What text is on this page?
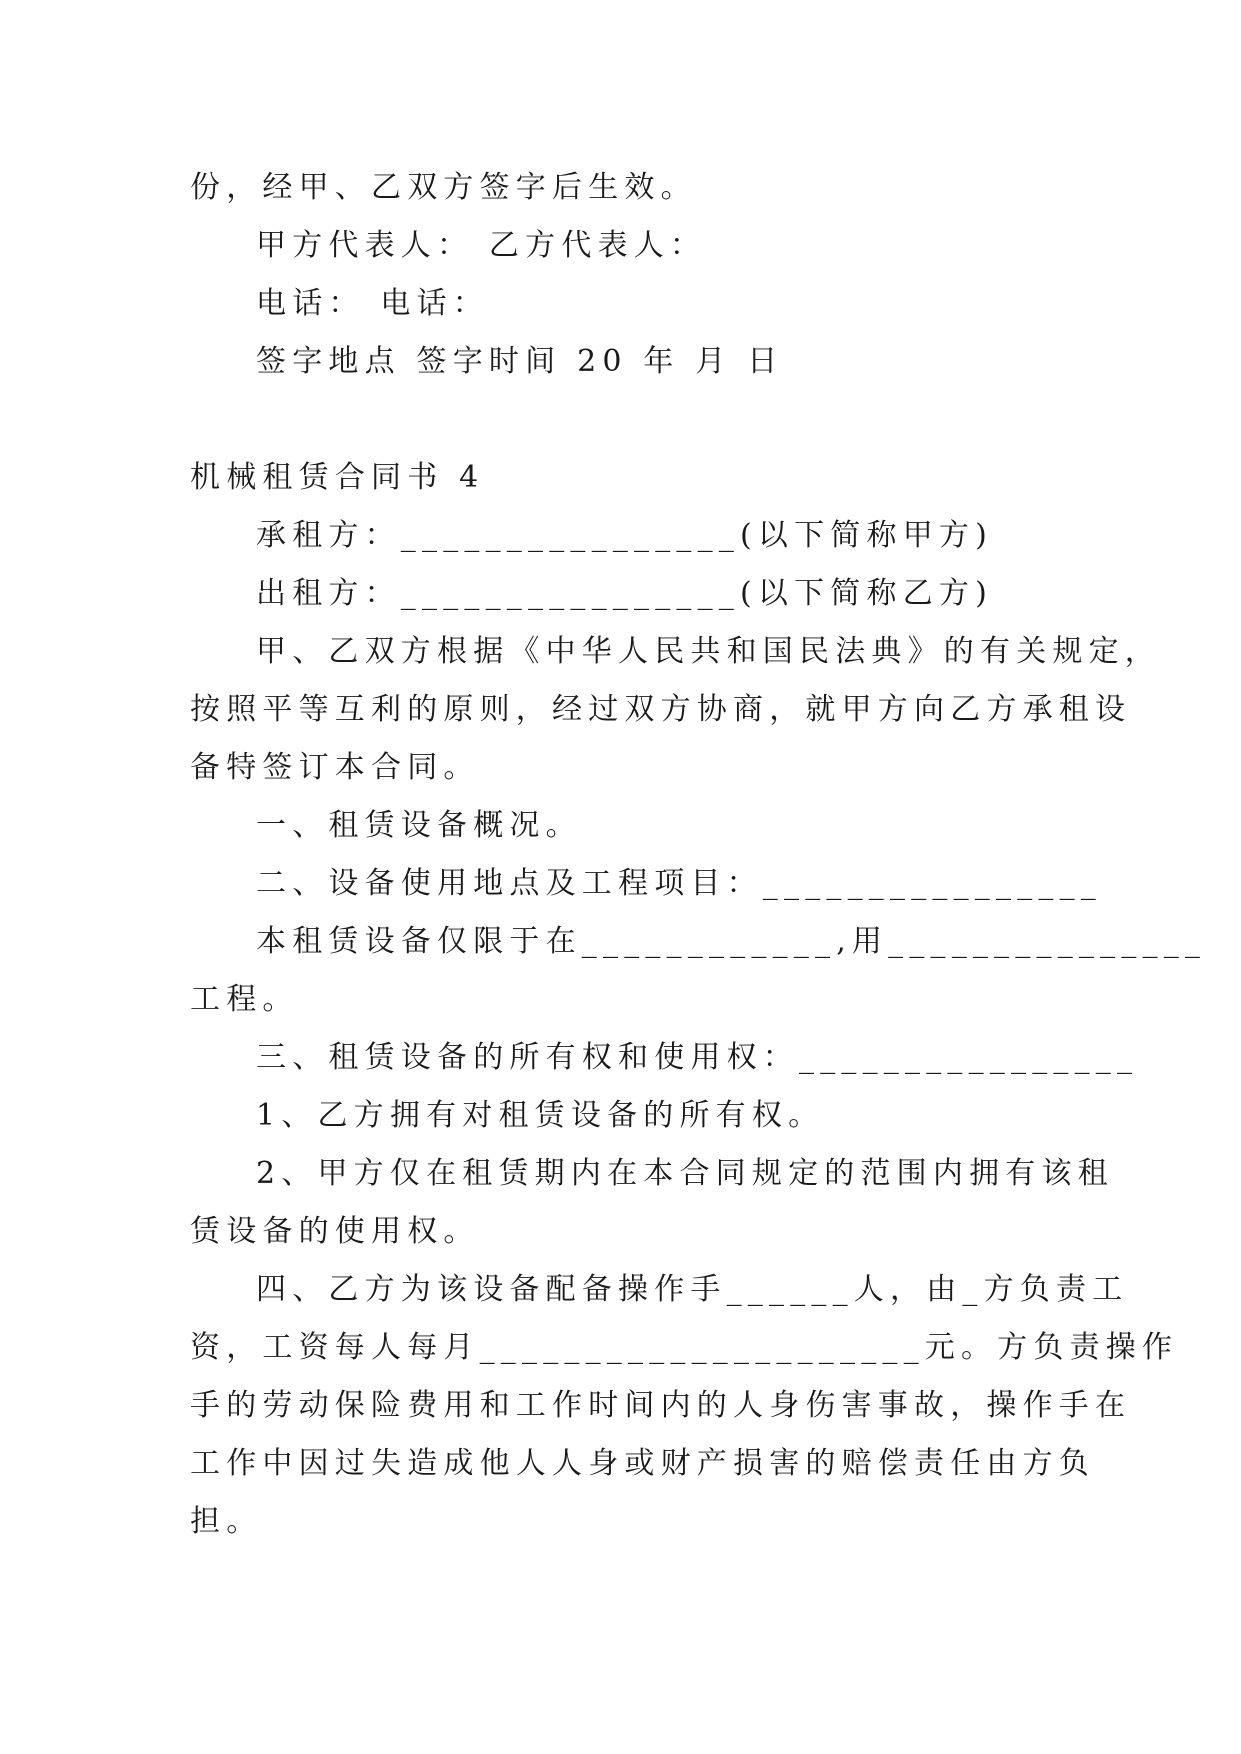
份，经甲、乙双方签字后生效。
甲方代表人： 乙方代表人：
电话： 电话：
签字地点 签字时间 20 年 月 日
机械租赁合同书 4
承租方：________________(以下简称甲方)
出租方：________________(以下简称乙方)
甲、乙双方根据《中华人民共和国民法典》的有关规定，
按照平等互利的原则，经过双方协商，就甲方向乙方承租设
备特签订本合同。
一、租赁设备概况。
二、设备使用地点及工程项目：________________
本租赁设备仅限于在____________,用_______________
工程。
三、租赁设备的所有权和使用权：________________
1、乙方拥有对租赁设备的所有权。
2、甲方仅在租赁期内在本合同规定的范围内拥有该租
赁设备的使用权。
四、乙方为该设备配备操作手______人，由_方负责工
资，工资每人每月_____________________元。方负责操作
手的劳动保险费用和工作时间内的人身伤害事故，操作手在
工作中因过失造成他人人身或财产损害的赔偿责任由方负
担。
